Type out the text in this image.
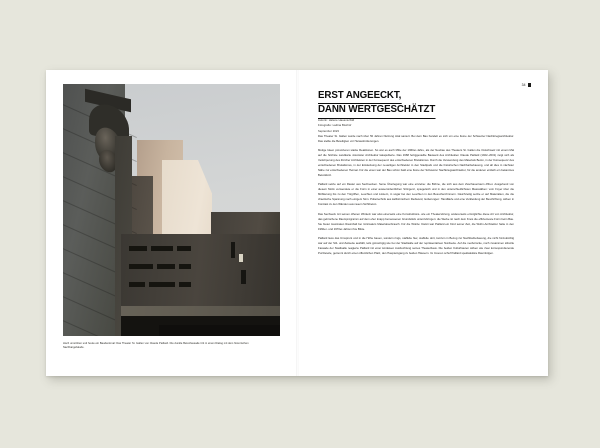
Hoch umstritten und heute ein Baudenkmal: Das Theater St. Gallen von Claude Paillard. Die dunkle Betonfassade tritt in einen Dialog mit dem historischen Nachbargebäude.
34
ERST ANGEECKT,
DANN WERTGESCHÄTZT
Autorin: Helene Hauenschild
Fotografie: Ladina Bischof
September 2023

Das Theater St. Gallen wurde nach über 50 Jahren Nutzung total saniert. Bei dem Bau handelt es sich um eine Ikone der Schweizer Nachkriegsarchitektur. Das stellte die Beteiligten vor Herausforderungen.

Mutige Ideen provozieren starke Reaktionen. So war es auch Mitte der 1960er-Jahre, als der Neubau des Theaters St. Gallen die Ostschweiz mit einem Mal auf die höchste Landkarte visionärer Architektur katapultierte. Das 1968 fertiggestellte Bauwerk des Architekten Claude Paillard (1922–2001) zeigt sich als Verkörperung des Zürcher Architekten in der Konsequenz des entschiedenen Brutalismus. Durch die Verwendung des Materials Beton, in der Konsequenz des entschiedenen Brutalismus, in der Entdeckung der neuartigen Architektur in den Stadtpark und die historischen Nachbarbebauung, und all dies in nächster Nähe zur entschiedenen Heimat. Für die einen war der Bau schon bald eine Ikone der Schweizer Nachkriegsarchitektur, für die anderen einfach ein bekanntes Betonklotz.

Paillard setzte auf ein Raster aus Sechsecken. Seine Überlegung war eine einzelne: die Bühne, die sich aus dem Zuschauerraum öffnet. Ausgehend von diesem Motiv verwendete er die Form in einer ausserordentlichen Stringenz, spiegelsich und in den unterschiedlichsten Massstäben: vom Foyer über die Möblierung bis zu den Türgriffen, Leuchten und Lüstern, in sogar bei den Leuchten in den Besucherzimmern. Gleichzeitig setzte er auf Materialien, die die chaotische Spannung nach einigem Sinn. Poliertechnik aus kalifornischem Redwood, Isolierungen: Handläufe und eine Verkleidung der Beschriftung, wirken in Kontrast zu den Wänden aus rauem Sichtbeton.

Das Sechseck mit seinen offenen Winkeln war also einerseits eine Konstruktions- wie ein Theatersitzung, andererseits ermöglichte diese Art von Architektur, das gebrochene Raumprogramm auf dem eher knapp bemessenen Grundstück unterzubringen: die Werke ist nach dem Kreis die effizienteste Form beim Bau. Sie bietet maximalen Raumhalt bei minimalem Materialverbrauch. Für die Würde: Damit war Paillard ein Kind seiner Zeit, die Wohn-Architektur hatte in den 1960er- und 1970er-Jahren ihre Blüte.

Paillard liess das Umsprunt und in die Höhe bauen, sondern rings, staffelte hier, staffelte dort, kurzum in Bezug zur Nachbarbebauung, die nicht hinzukünftig war auf der Stil- und Zeitseite ausfällt, teils grosszügig wie bei der Stadtsalle auf der repräsentativen Nordseite. Auf die neoborocke, noch zusammen stilvolle Fassade der Stadtsalle reagierte Paillard mit einer konkaven Ausbuchtung seines Theaterbaus. Die beiden Kulturbauten wirken wie zwei korrespondierende Puzzleteile, getrennt durch einen öffentlichen Platz, den Haupteingang zu beiden Häusern. Im Inneren schuf Paillard spektakuläre Raumfolgen.
